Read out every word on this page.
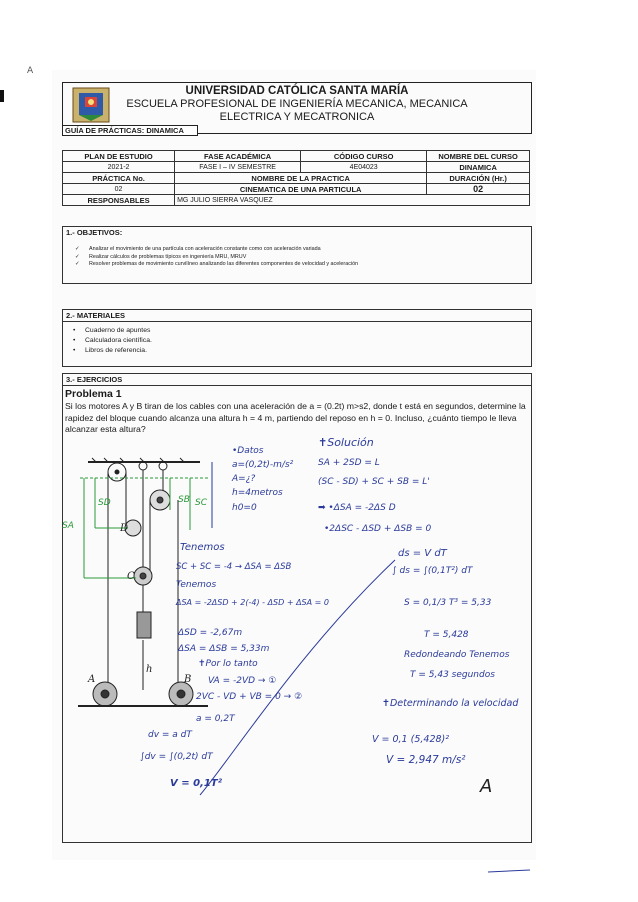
A
UNIVERSIDAD CATÓLICA SANTA MARÍA
ESCUELA PROFESIONAL DE INGENIERÍA MECANICA, MECANICA
ELECTRICA Y MECATRONICA
GUÍA DE PRÁCTICAS: DINAMICA
PLAN DE ESTUDIO	FASE ACADÉMICA	CÓDIGO CURSO	NOMBRE DEL CURSO
2021-2	FASE I – IV SEMESTRE	4E04023	DINAMICA
PRÁCTICA No.	NOMBRE DE LA PRACTICA		DURACIÓN (Hr.)
02	CINEMATICA DE UNA PARTICULA		02
RESPONSABLES	MG JULIO SIERRA VASQUEZ		
1.- OBJETIVOS:
✓ Analizar el movimiento de una partícula con aceleración constante como con aceleración variada
✓ Realizar cálculos de problemas típicos en ingeniería MRU, MRUV
✓ Resolver problemas de movimiento curvilíneo analizando las diferentes componentes de velocidad y aceleración
2.- MATERIALES
• Cuaderno de apuntes
• Calculadora científica.
• Libros de referencia.
3.- EJERCICIOS
Problema 1
Si los motores A y B tiran de los cables con una aceleración de a = (0.2t) m>s2, donde t está en segundos, determine la rapidez del bloque cuando alcanza una altura h = 4 m, partiendo del reposo en h = 0. Incluso, ¿cuánto tiempo le lleva alcanzar esta altura?
A	B
C
D
h
SD
SA
SB SC
•Datos
a=(0,2t)-m/s²
A=¿?
h=4metros
h0=0
✝Solución
SA + 2SD = L
(SC - SD) + SC + SB = L'
➡ •ΔSA = -2ΔS D
•2ΔSC - ΔSD + ΔSB = 0
Tenemos
SC + SC = -4 → ΔSA = ΔSB
Tenemos
ΔSA = -2ΔSD + 2(-4) - ΔSD + ΔSA = 0
ΔSD = -2,67m
ΔSA = ΔSB = 5,33m
✝Por lo tanto
VA = -2VD → ①
2VC - VD + VB = 0 → ②
a = 0,2T
dv = a dT
∫dv = ∫(0,2t) dT
V = 0,1T²
ds = V dT
∫ ds = ∫(0,1T²) dT
S = 0,1/3 T³ = 5,33
T = 5,428
Redondeando Tenemos
T = 5,43 segundos
✝Determinando la velocidad
V = 0,1 (5,428)²
V = 2,947 m/s²
A
